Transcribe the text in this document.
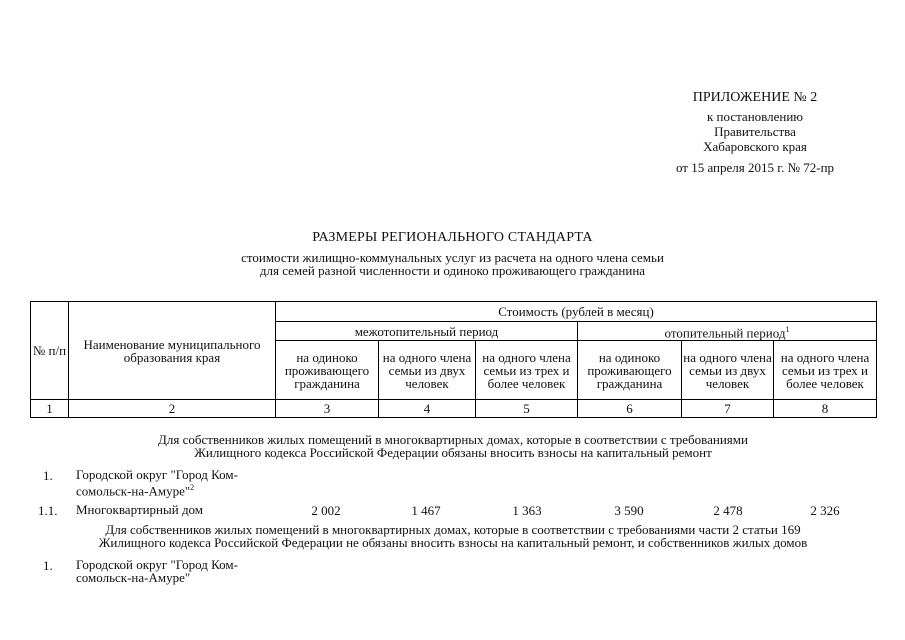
ПРИЛОЖЕНИЕ № 2
к постановлению
Правительства
Хабаровского края
от 15 апреля 2015 г. № 72-пр
РАЗМЕРЫ РЕГИОНАЛЬНОГО СТАНДАРТА
стоимости жилищно-коммунальных услуг из расчета на одного члена семьи
для семей разной численности и одиноко проживающего гражданина
№ п/п	Наименование муниципального образования края	Стоимость (рублей в месяц)					
		межотопительный период			отопительный период$^1$
		на одиноко проживающего гражданина	на одного члена семьи из двух человек	на одного члена семьи из трех и более человек	на одиноко проживающего гражданина	на одного члена семьи из двух человек	на одного члена семьи из трех и более человек
1	2	3	4	5	6	7	8
Для собственников жилых помещений в многоквартирных домах, которые в соответствии с требованиями
Жилищного кодекса Российской Федерации обязаны вносить взносы на капитальный ремонт
1. Городской округ "Город Ком-
сомольск-на-Амуре"$^2$
1.1. Многоквартирный дом	2 002	1 467	1 363	3 590	2 478	2 326
Для собственников жилых помещений в многоквартирных домах, которые в соответствии с требованиями части 2 статьи 169
Жилищного кодекса Российской Федерации не обязаны вносить взносы на капитальный ремонт, и собственников жилых домов
1. Городской округ "Город Ком-
сомольск-на-Амуре"
